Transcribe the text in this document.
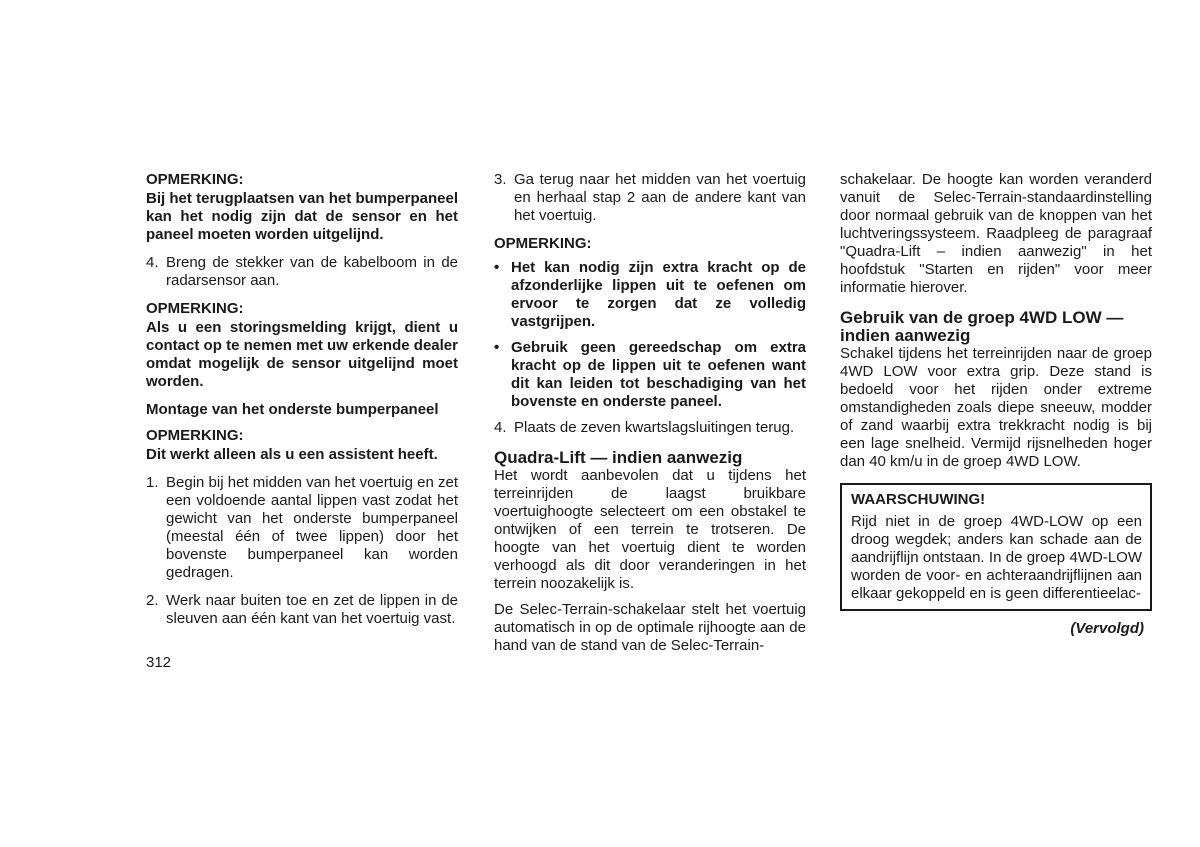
OPMERKING:

Bij het terugplaatsen van het bumperpaneel kan het nodig zijn dat de sensor en het paneel moeten worden uitgelijnd.

4. Breng de stekker van de kabelboom in de radarsensor aan.

OPMERKING:

Als u een storingsmelding krijgt, dient u contact op te nemen met uw erkende dealer omdat mogelijk de sensor uitgelijnd moet worden.

Montage van het onderste bumperpaneel

OPMERKING:

Dit werkt alleen als u een assistent heeft.

1. Begin bij het midden van het voertuig en zet een voldoende aantal lippen vast zodat het gewicht van het onderste bumperpaneel (meestal één of twee lippen) door het bovenste bumperpaneel kan worden gedragen.
2. Werk naar buiten toe en zet de lippen in de sleuven aan één kant van het voertuig vast.
3. Ga terug naar het midden van het voertuig en herhaal stap 2 aan de andere kant van het voertuig.

OPMERKING:

• Het kan nodig zijn extra kracht op de afzonderlijke lippen uit te oefenen om ervoor te zorgen dat ze volledig vastgrijpen.
• Gebruik geen gereedschap om extra kracht op de lippen uit te oefenen want dit kan leiden tot beschadiging van het bovenste en onderste paneel.
4. Plaats de zeven kwartslagsluitingen terug.

Quadra-Lift — indien aanwezig

Het wordt aanbevolen dat u tijdens het terreinrijden de laagst bruikbare voertuighoogte selecteert om een obstakel te ontwijken of een terrein te trotseren. De hoogte van het voertuig dient te worden verhoogd als dit door veranderingen in het terrein noozakelijk is.

De Selec-Terrain-schakelaar stelt het voertuig automatisch in op de optimale rijhoogte aan de hand van de stand van de Selec-Terrain-

schakelaar. De hoogte kan worden veranderd vanuit de Selec-Terrain-standaardinstelling door normaal gebruik van de knoppen van het luchtveringssysteem. Raadpleeg de paragraaf "Quadra-Lift – indien aanwezig" in het hoofdstuk "Starten en rijden" voor meer informatie hierover.

Gebruik van de groep 4WD LOW —
indien aanwezig

Schakel tijdens het terreinrijden naar de groep 4WD LOW voor extra grip. Deze stand is bedoeld voor het rijden onder extreme omstandigheden zoals diepe sneeuw, modder of zand waarbij extra trekkracht nodig is bij een lage snelheid. Vermijd rijsnelheden hoger dan 40 km/u in de groep 4WD LOW.

WAARSCHUWING!

Rijd niet in de groep 4WD-LOW op een droog wegdek; anders kan schade aan de aandrijflijn ontstaan. In de groep 4WD-LOW worden de voor- en achteraandrijflijnen aan elkaar gekoppeld en is geen differentieelac-

(Vervolgd)

312
